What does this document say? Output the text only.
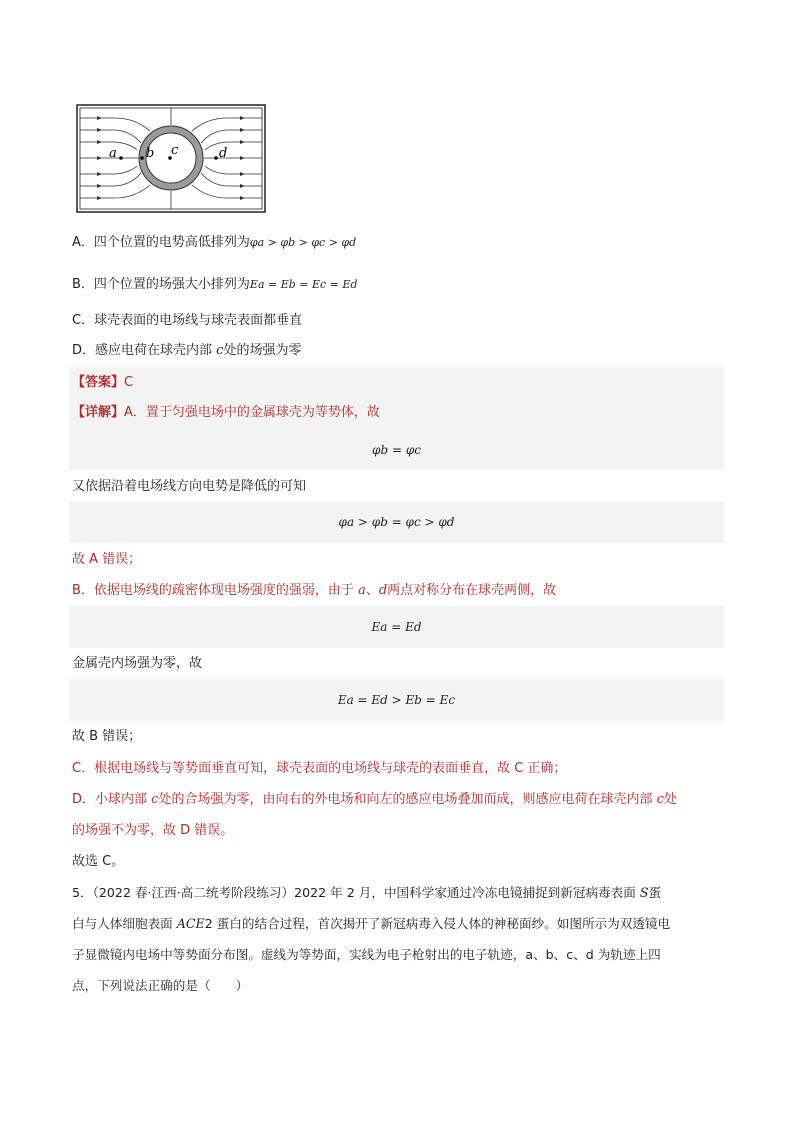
a b c	d
A．四个位置的电势高低排列为φa > φb > φc > φd
B．四个位置的场强大小排列为Ea = Eb = Ec = Ed
C．球壳表面的电场线与球壳表面都垂直
D．感应电荷在球壳内部 c处的场强为零
【答案】C
【详解】A．置于匀强电场中的金属球壳为等势体，故
φb = φc
又依据沿着电场线方向电势是降低的可知
φa > φb = φc > φd
故 A 错误；
B．依据电场线的疏密体现电场强度的强弱，由于 a、d两点对称分布在球壳两侧，故
Ea = Ed
金属壳内场强为零，故
Ea = Ed > Eb = Ec
故 B 错误；
C．根据电场线与等势面垂直可知，球壳表面的电场线与球壳的表面垂直，故 C 正确；
D．小球内部 c处的合场强为零，由向右的外电场和向左的感应电场叠加而成，则感应电荷在球壳内部 c处
的场强不为零，故 D 错误。
故选 C。
5．（2022 春·江西·高二统考阶段练习）2022 年 2 月，中国科学家通过冷冻电镜捕捉到新冠病毒表面 S蛋
白与人体细胞表面 ACE2 蛋白的结合过程，首次揭开了新冠病毒入侵人体的神秘面纱。如图所示为双透镜电
子显微镜内电场中等势面分布图。虚线为等势面，实线为电子枪射出的电子轨迹，a、b、c、d 为轨迹上四
点，下列说法正确的是（　　）
